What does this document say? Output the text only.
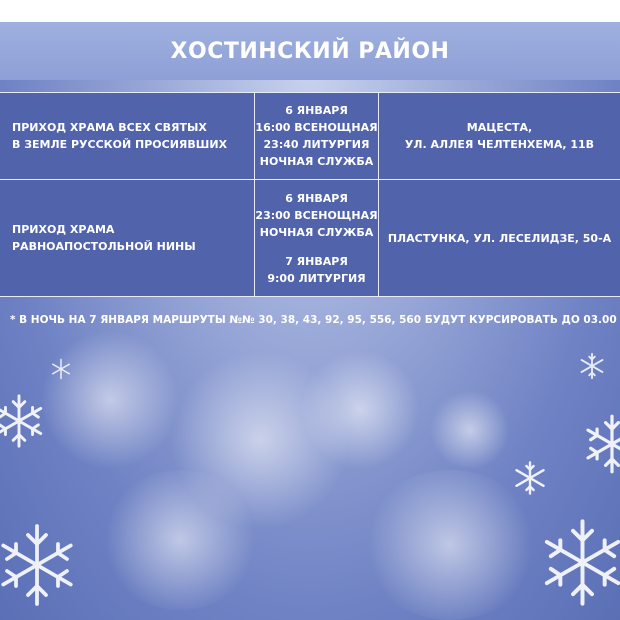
ХОСТИНСКИЙ РАЙОН
ПРИХОД ХРАМА ВСЕХ СВЯТЫХ
В ЗЕМЛЕ РУССКОЙ ПРОСИЯВШИХ
6 ЯНВАРЯ
16:00 ВСЕНОЩНАЯ
23:40 ЛИТУРГИЯ
НОЧНАЯ СЛУЖБА
МАЦЕСТА,
УЛ. АЛЛЕЯ ЧЕЛТЕНХЕМА, 11В
ПРИХОД ХРАМА
РАВНОАПОСТОЛЬНОЙ НИНЫ
6 ЯНВАРЯ
23:00 ВСЕНОЩНАЯ
НОЧНАЯ СЛУЖБА
7 ЯНВАРЯ
9:00 ЛИТУРГИЯ
ПЛАСТУНКА, УЛ. ЛЕСЕЛИДЗЕ, 50-А
* В НОЧЬ НА 7 ЯНВАРЯ МАРШРУТЫ №№ 30, 38, 43, 92, 95, 556, 560 БУДУТ КУРСИРОВАТЬ ДО 03.00
